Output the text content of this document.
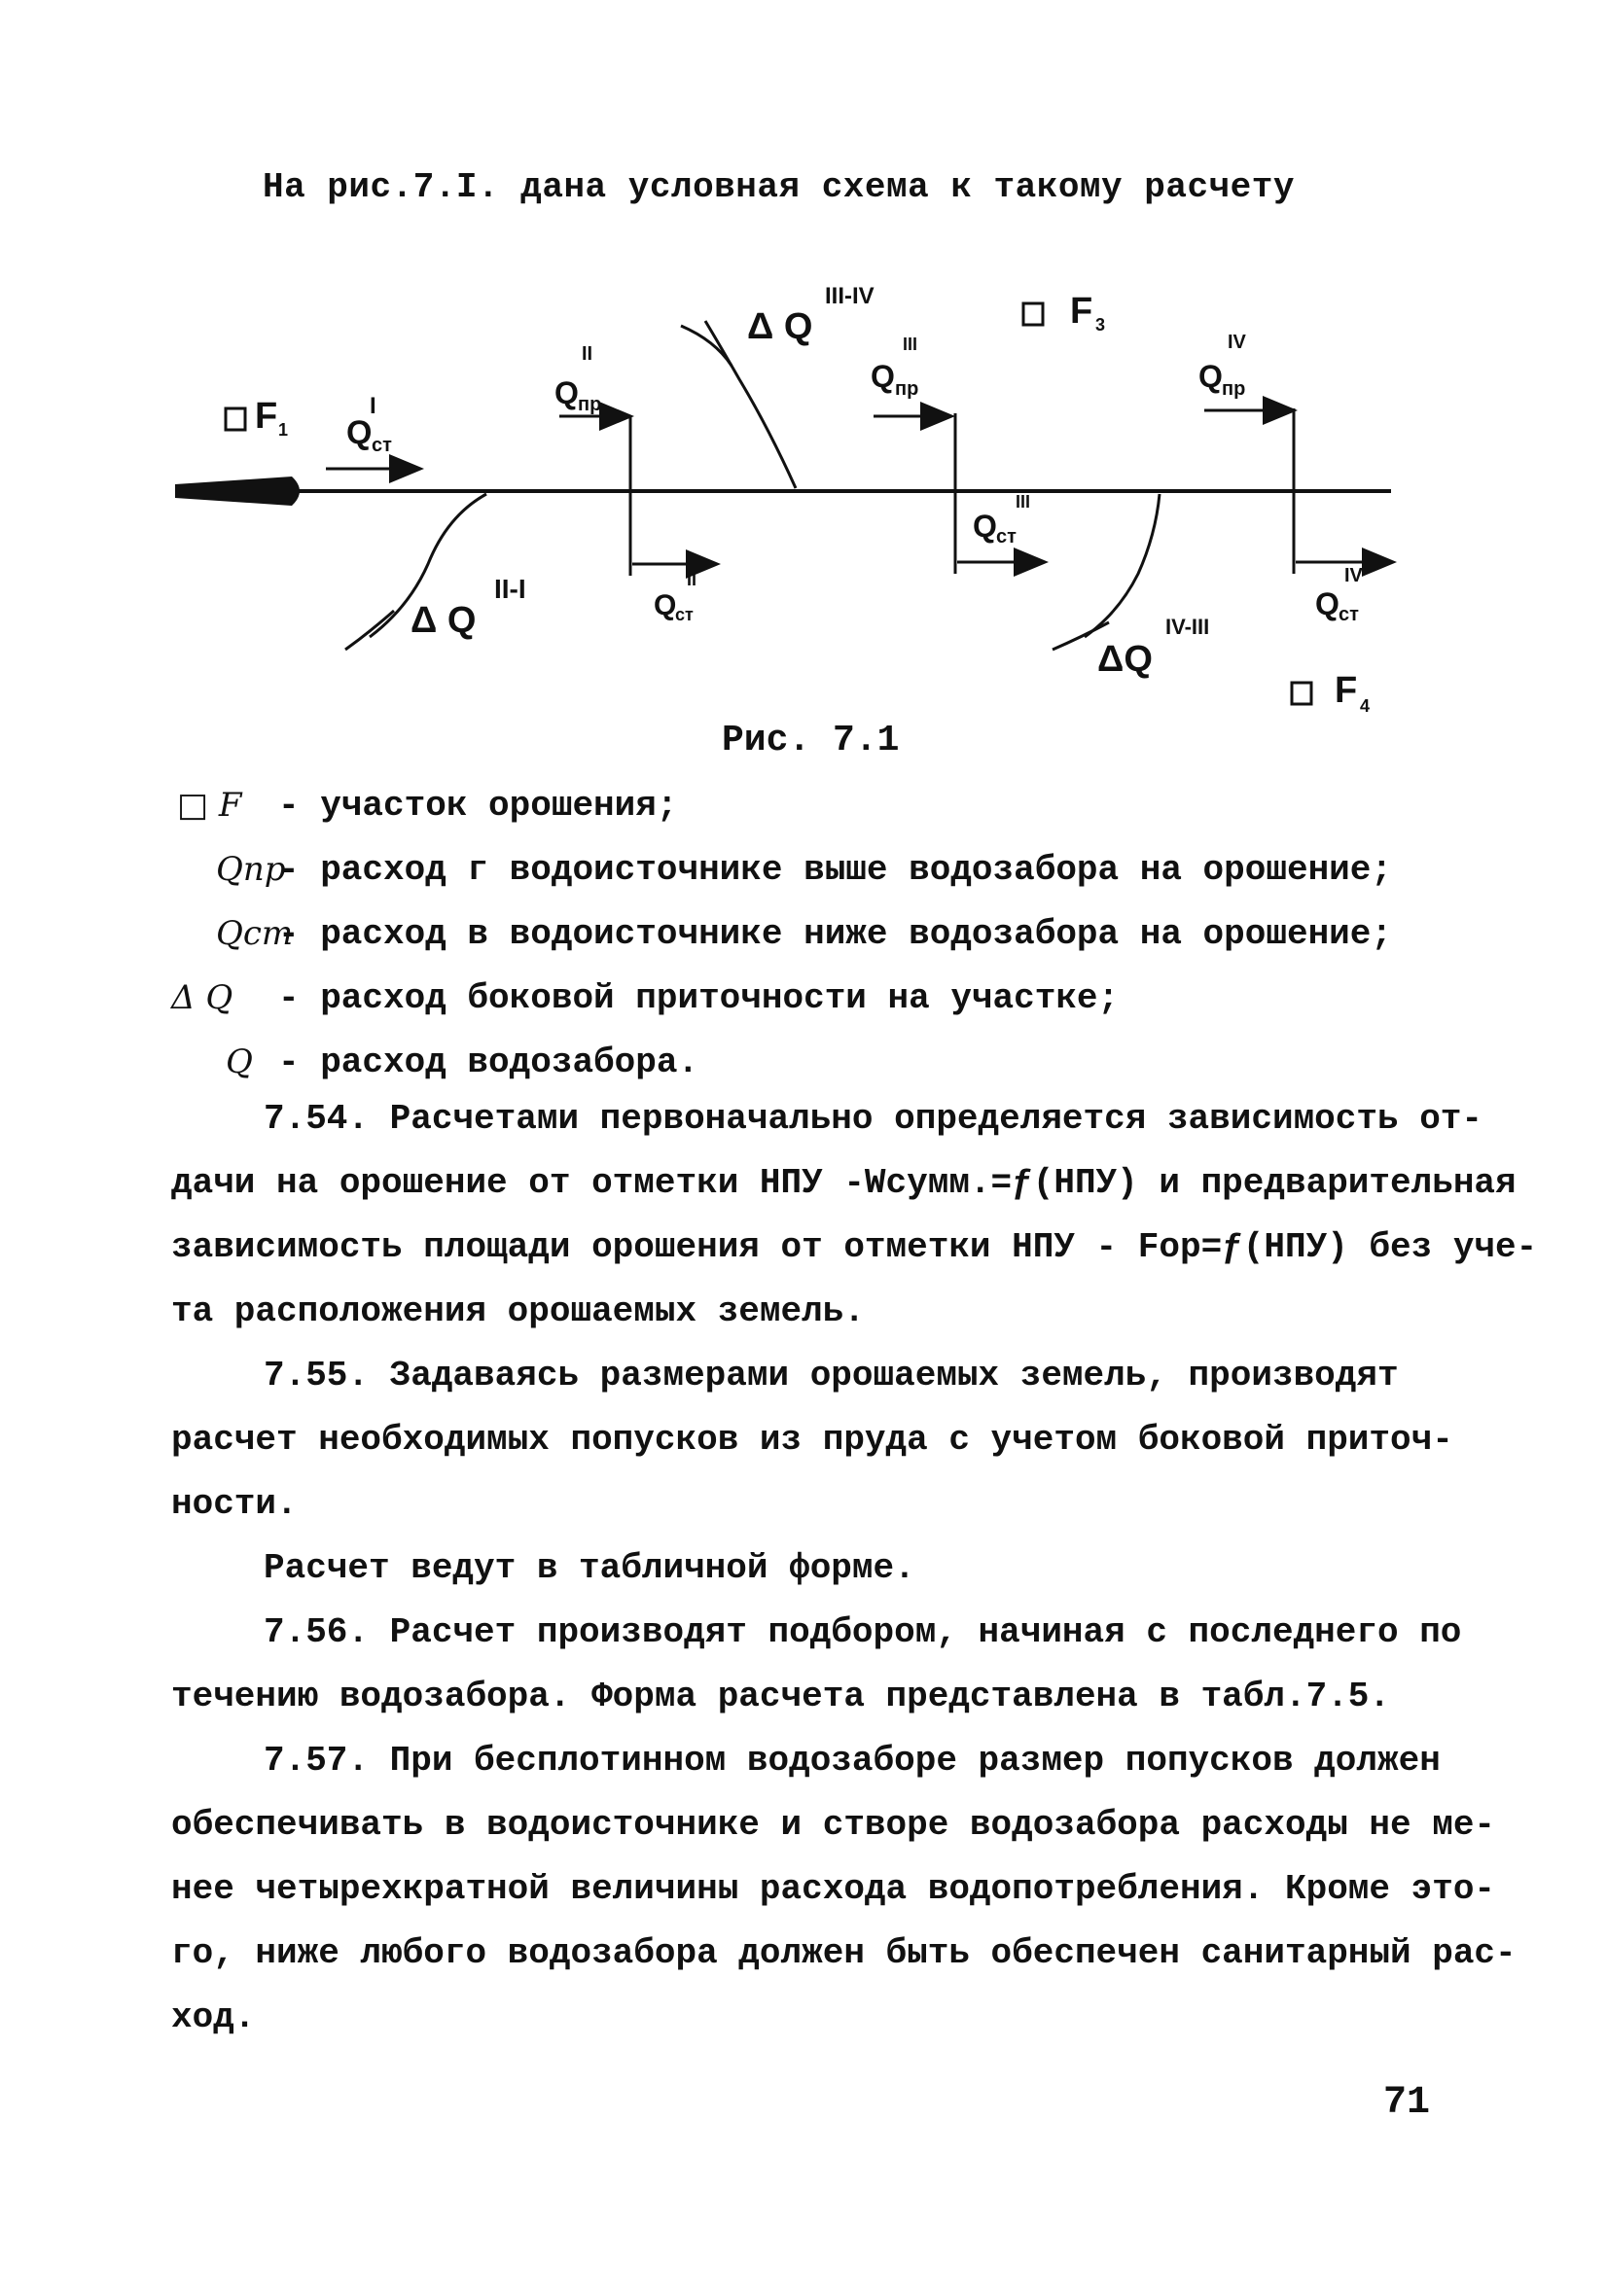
На рис.7.I. дана условная схема к такому расчету
F 1 Q ст
I
Δ Q
II-I
Q пр
II
Q
ст
II
Δ Q
III-IV	F 3
Q пр
III
Q ст
III
ΔQ
IV-III
Q пр
IV
Q ст
IV
F 4
Рис. 7.1
□ F	- участок орошения;
Qпр
- расход г водоисточнике выше водозабора на орошение;
Qст
- расход в водоисточнике ниже водозабора на орошение;
Δ Q	- расход боковой приточности на участке;
Q - расход водозабора.
7.54. Расчетами первоначально определяется зависимость от-
дачи на орошение от отметки НПУ -Wсумм.=ƒ(НПУ) и предварительная
зависимость площади орошения от отметки НПУ - Fор=ƒ(НПУ) без уче-
та расположения орошаемых земель.
7.55. Задаваясь размерами орошаемых земель, производят
расчет необходимых попусков из пруда с учетом боковой приточ-
ности.
Расчет ведут в табличной форме.
7.56. Расчет производят подбором, начиная с последнего по
течению водозабора. Форма расчета представлена в табл.7.5.
7.57. При бесплотинном водозаборе размер попусков должен
обеспечивать в водоисточнике и створе водозабора расходы не ме-
нее четырехкратной величины расхода водопотребления. Кроме это-
го, ниже любого водозабора должен быть обеспечен санитарный рас-
ход.
71
